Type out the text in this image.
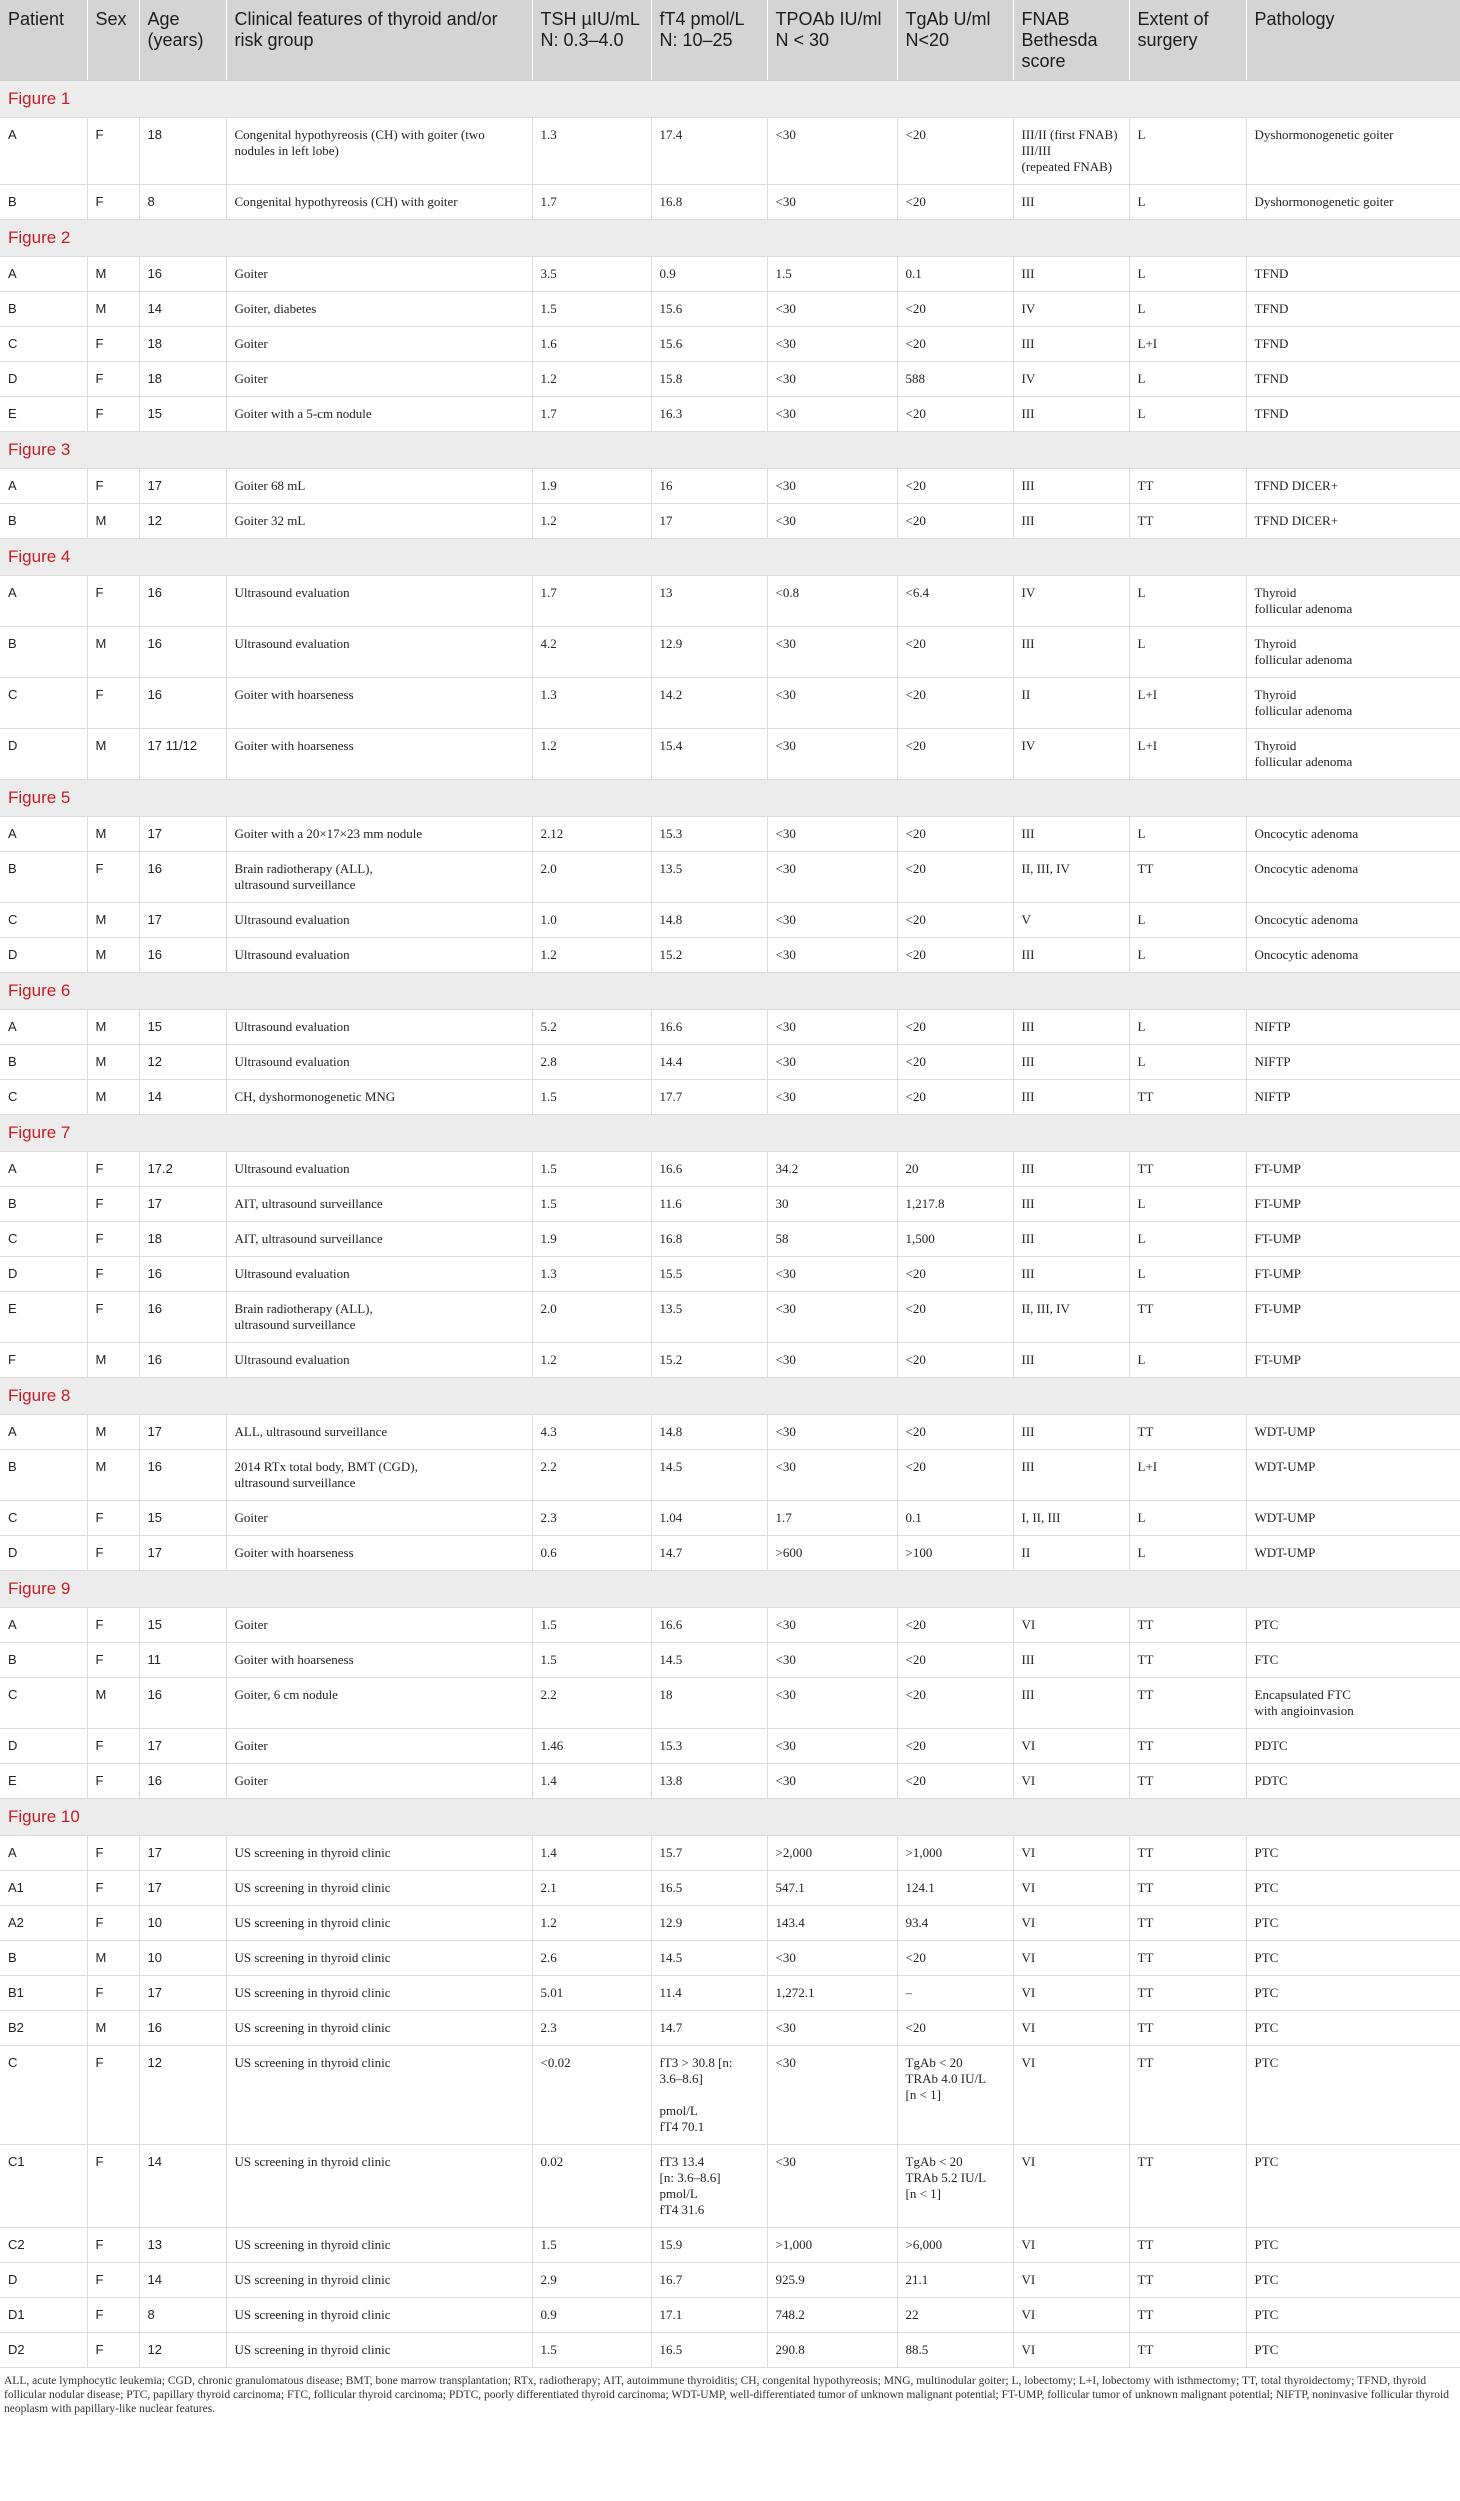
Patient	Sex	Age (years)	Clinical features of thyroid and/or risk group	TSH µIU/mL N: 0.3–4.0	fT4 pmol/L N: 10–25	TPOAb IU/ml N < 30	TgAb U/ml N<20	FNAB Bethesda score	Extent of surgery	Pathology
Figure 1										
A	F	18	Congenital hypothyreosis (CH) with goiter (two nodules in left lobe)	1.3	17.4	<30	<20	III/II (first FNAB)
III/III
(repeated FNAB)	L	Dyshormonogenetic goiter
B	F	8	Congenital hypothyreosis (CH) with goiter	1.7	16.8	<30	<20	III	L	Dyshormonogenetic goiter
Figure 2										
A	M	16	Goiter	3.5	0.9	1.5	0.1	III	L	TFND
B	M	14	Goiter, diabetes	1.5	15.6	<30	<20	IV	L	TFND
C	F	18	Goiter	1.6	15.6	<30	<20	III	L+I	TFND
D	F	18	Goiter	1.2	15.8	<30	588	IV	L	TFND
E	F	15	Goiter with a 5-cm nodule	1.7	16.3	<30	<20	III	L	TFND
Figure 3										
A	F	17	Goiter 68 mL	1.9	16	<30	<20	III	TT	TFND DICER+
B	M	12	Goiter 32 mL	1.2	17	<30	<20	III	TT	TFND DICER+
Figure 4										
A	F	16	Ultrasound evaluation	1.7	13	<0.8	<6.4	IV	L	Thyroid
follicular adenoma
B	M	16	Ultrasound evaluation	4.2	12.9	<30	<20	III	L	Thyroid
follicular adenoma
C	F	16	Goiter with hoarseness	1.3	14.2	<30	<20	II	L+I	Thyroid
follicular adenoma
D	M	17 11/12	Goiter with hoarseness	1.2	15.4	<30	<20	IV	L+I	Thyroid
follicular adenoma
Figure 5										
A	M	17	Goiter with a 20×17×23 mm nodule	2.12	15.3	<30	<20	III	L	Oncocytic adenoma
B	F	16	Brain radiotherapy (ALL),
ultrasound surveillance	2.0	13.5	<30	<20	II, III, IV	TT	Oncocytic adenoma
C	M	17	Ultrasound evaluation	1.0	14.8	<30	<20	V	L	Oncocytic adenoma
D	M	16	Ultrasound evaluation	1.2	15.2	<30	<20	III	L	Oncocytic adenoma
Figure 6										
A	M	15	Ultrasound evaluation	5.2	16.6	<30	<20	III	L	NIFTP
B	M	12	Ultrasound evaluation	2.8	14.4	<30	<20	III	L	NIFTP
C	M	14	CH, dyshormonogenetic MNG	1.5	17.7	<30	<20	III	TT	NIFTP
Figure 7										
A	F	17.2	Ultrasound evaluation	1.5	16.6	34.2	20	III	TT	FT-UMP
B	F	17	AIT, ultrasound surveillance	1.5	11.6	30	1,217.8	III	L	FT-UMP
C	F	18	AIT, ultrasound surveillance	1.9	16.8	58	1,500	III	L	FT-UMP
D	F	16	Ultrasound evaluation	1.3	15.5	<30	<20	III	L	FT-UMP
E	F	16	Brain radiotherapy (ALL),
ultrasound surveillance	2.0	13.5	<30	<20	II, III, IV	TT	FT-UMP
F	M	16	Ultrasound evaluation	1.2	15.2	<30	<20	III	L	FT-UMP
Figure 8										
A	M	17	ALL, ultrasound surveillance	4.3	14.8	<30	<20	III	TT	WDT-UMP
B	M	16	2014 RTx total body, BMT (CGD),
ultrasound surveillance	2.2	14.5	<30	<20	III	L+I	WDT-UMP
C	F	15	Goiter	2.3	1.04	1.7	0.1	I, II, III	L	WDT-UMP
D	F	17	Goiter with hoarseness	0.6	14.7	>600	>100	II	L	WDT-UMP
Figure 9										
A	F	15	Goiter	1.5	16.6	<30	<20	VI	TT	PTC
B	F	11	Goiter with hoarseness	1.5	14.5	<30	<20	III	TT	FTC
C	M	16	Goiter, 6 cm nodule	2.2	18	<30	<20	III	TT	Encapsulated FTC
with angioinvasion
D	F	17	Goiter	1.46	15.3	<30	<20	VI	TT	PDTC
E	F	16	Goiter	1.4	13.8	<30	<20	VI	TT	PDTC
Figure 10										
A	F	17	US screening in thyroid clinic	1.4	15.7	>2,000	>1,000	VI	TT	PTC
A1	F	17	US screening in thyroid clinic	2.1	16.5	547.1	124.1	VI	TT	PTC
A2	F	10	US screening in thyroid clinic	1.2	12.9	143.4	93.4	VI	TT	PTC
B	M	10	US screening in thyroid clinic	2.6	14.5	<30	<20	VI	TT	PTC
B1	F	17	US screening in thyroid clinic	5.01	11.4	1,272.1	–	VI	TT	PTC
B2	M	16	US screening in thyroid clinic	2.3	14.7	<30	<20	VI	TT	PTC
C	F	12	US screening in thyroid clinic	<0.02	fT3 > 30.8 [n:
3.6–8.6]

pmol/L
fT4 70.1	<30	TgAb < 20
TRAb 4.0 IU/L
[n < 1]	VI	TT	PTC
C1	F	14	US screening in thyroid clinic	0.02	fT3 13.4
[n: 3.6–8.6]
pmol/L
fT4 31.6	<30	TgAb < 20
TRAb 5.2 IU/L
[n < 1]	VI	TT	PTC
C2	F	13	US screening in thyroid clinic	1.5	15.9	>1,000	>6,000	VI	TT	PTC
D	F	14	US screening in thyroid clinic	2.9	16.7	925.9	21.1	VI	TT	PTC
D1	F	8	US screening in thyroid clinic	0.9	17.1	748.2	22	VI	TT	PTC
D2	F	12	US screening in thyroid clinic	1.5	16.5	290.8	88.5	VI	TT	PTC

ALL, acute lymphocytic leukemia; CGD, chronic granulomatous disease; BMT, bone marrow transplantation; RTx, radiotherapy; AIT, autoimmune thyroiditis; CH, congenital hypothyreosis; MNG, multinodular goiter; L, lobectomy; L+I, lobectomy with isthmectomy; TT, total thyroidectomy; TFND, thyroid follicular nodular disease; PTC, papillary thyroid carcinoma; FTC, follicular thyroid carcinoma; PDTC, poorly differentiated thyroid carcinoma; WDT-UMP, well-differentiated tumor of unknown malignant potential; FT-UMP, follicular tumor of unknown malignant potential; NIFTP, noninvasive follicular thyroid neoplasm with papillary-like nuclear features.
